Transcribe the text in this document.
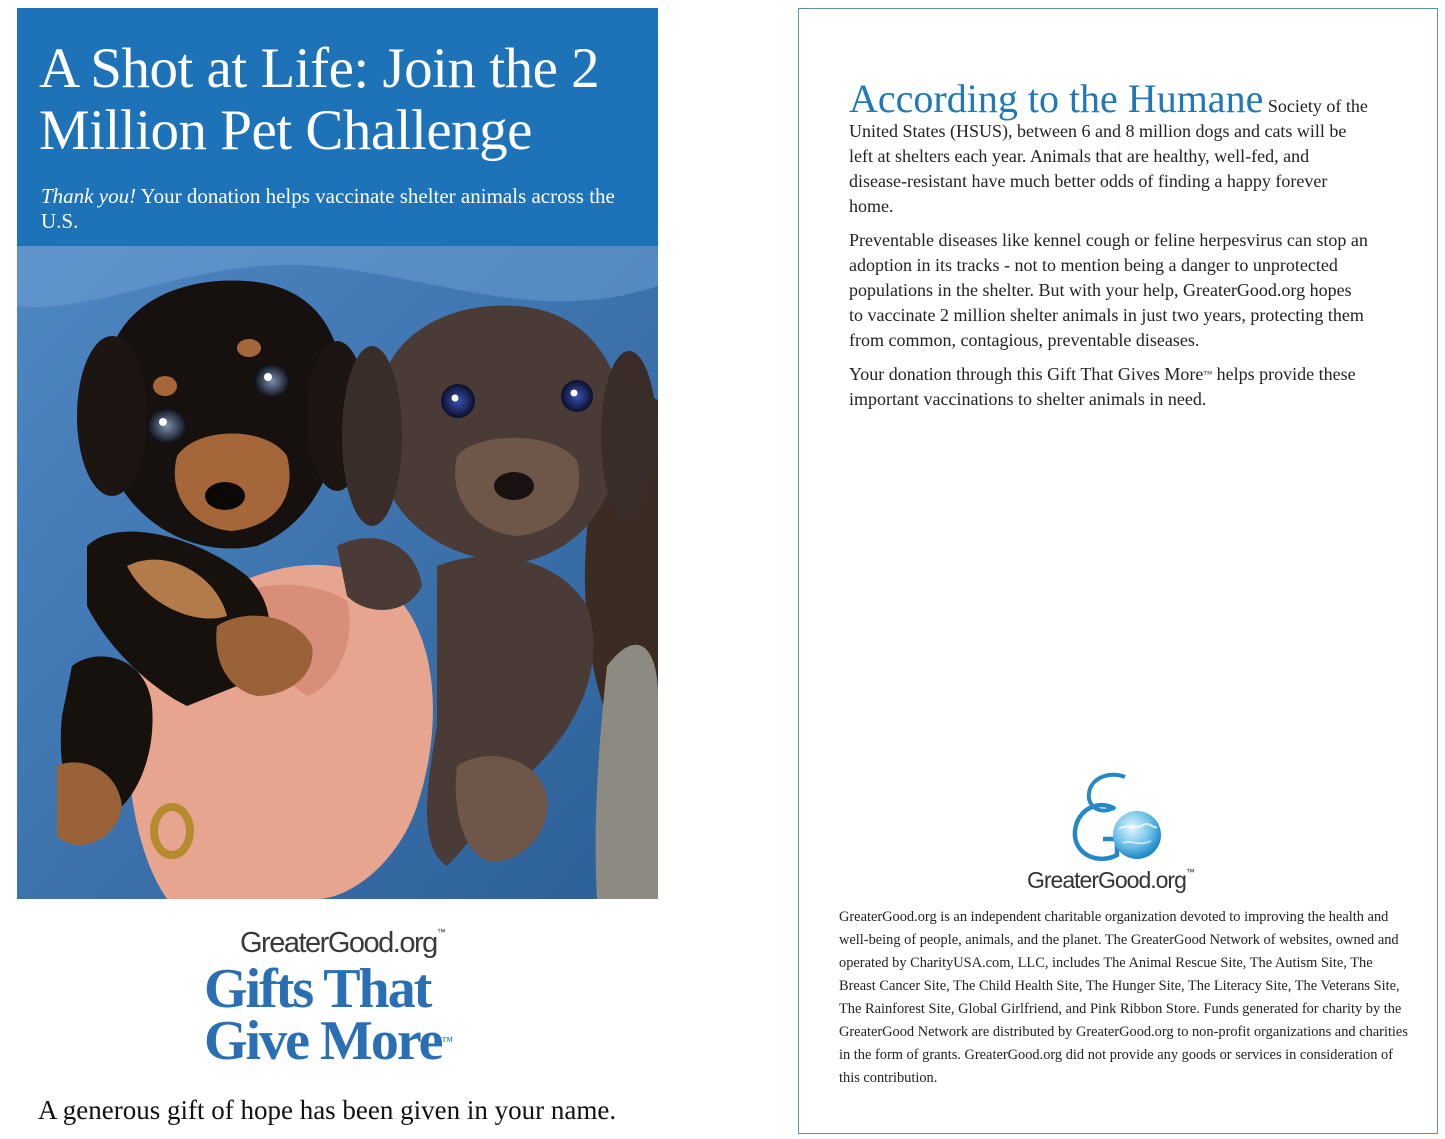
A Shot at Life: Join the 2 Million Pet Challenge

Thank you! Your donation helps vaccinate shelter animals across the U.S.

GreaterGood.org™
Gifts That
Give More™

A generous gift of hope has been given in your name.

According to the Humane Society of the United States (HSUS), between 6 and 8 million dogs and cats will be left at shelters each year. Animals that are healthy, well-fed, and disease-resistant have much better odds of finding a happy forever home.

Preventable diseases like kennel cough or feline herpesvirus can stop an adoption in its tracks - not to mention being a danger to unprotected populations in the shelter. But with your help, GreaterGood.org hopes to vaccinate 2 million shelter animals in just two years, protecting them from common, contagious, preventable diseases.

Your donation through this Gift That Gives More™ helps provide these important vaccinations to shelter animals in need.

GreaterGood.org™

GreaterGood.org is an independent charitable organization devoted to improving the health and well-being of people, animals, and the planet. The GreaterGood Network of websites, owned and operated by CharityUSA.com, LLC, includes The Animal Rescue Site, The Autism Site, The Breast Cancer Site, The Child Health Site, The Hunger Site, The Literacy Site, The Veterans Site, The Rainforest Site, Global Girlfriend, and Pink Ribbon Store. Funds generated for charity by the GreaterGood Network are distributed by GreaterGood.org to non-profit organizations and charities in the form of grants. GreaterGood.org did not provide any goods or services in consideration of this contribution.
